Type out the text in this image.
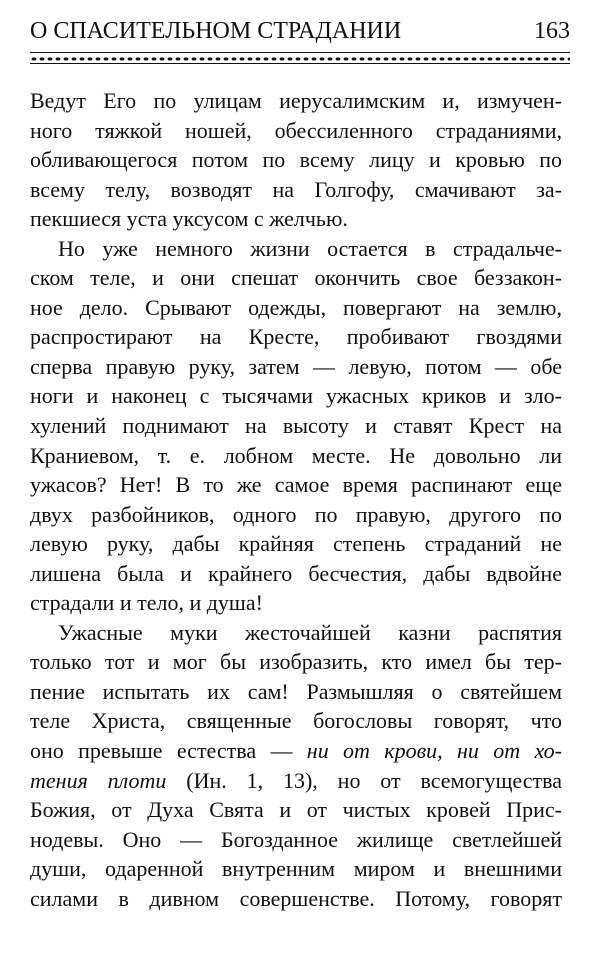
О СПАСИТЕЛЬНОМ СТРАДАНИИ	163
Ведут Его по улицам иерусалимским и, измучен-
ного тяжкой ношей, обессиленного страданиями,
обливающегося потом по всему лицу и кровью по
всему телу, возводят на Голгофу, смачивают за-
пекшиеся уста уксусом с желчью.
Но уже немного жизни остается в страдальче-
ском теле, и они спешат окончить свое беззакон-
ное дело. Срывают одежды, повергают на землю,
распростирают на Кресте, пробивают гвоздями
сперва правую руку, затем — левую, потом — обе
ноги и наконец с тысячами ужасных криков и зло-
хулений поднимают на высоту и ставят Крест на
Краниевом, т. е. лобном месте. Не довольно ли
ужасов? Нет! В то же самое время распинают еще
двух разбойников, одного по правую, другого по
левую руку, дабы крайняя степень страданий не
лишена была и крайнего бесчестия, дабы вдвойне
страдали и тело, и душа!
Ужасные муки жесточайшей казни распятия
только тот и мог бы изобразить, кто имел бы тер-
пение испытать их сам! Размышляя о святейшем
теле Христа, священные богословы говорят, что
оно превыше естества — ни от крови, ни от хо-
тения плоти (Ин. 1, 13), но от всемогущества
Божия, от Духа Свята и от чистых кровей Прис-
нодевы. Оно — Богозданное жилище светлейшей
души, одаренной внутренним миром и внешними
силами в дивном совершенстве. Потому, говорят
